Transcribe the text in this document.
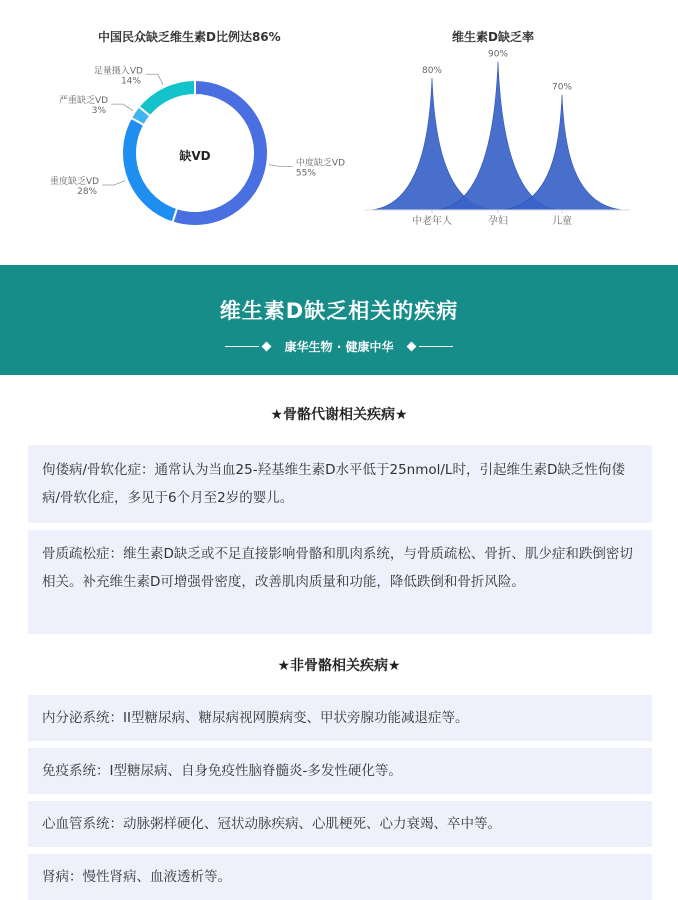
中国民众缺乏维生素D比例达86%
缺VD
中度缺乏VD
55%
重度缺乏VD
28%
严重缺乏VD
3%
足量摄入VD
14%
维生素D缺乏率
80%
中老年人
90%
孕妇
70%
儿童
维生素D缺乏相关的疾病
康华生物 · 健康中华
★骨骼代谢相关疾病★
佝偻病/骨软化症：通常认为当血25-羟基维生素D水平低于25nmol/L时，引起维生素D缺乏性佝偻病/骨软化症，多见于6个月至2岁的婴儿。
骨质疏松症：维生素D缺乏或不足直接影响骨骼和肌肉系统，与骨质疏松、骨折、肌少症和跌倒密切相关。补充维生素D可增强骨密度，改善肌肉质量和功能，降低跌倒和骨折风险。
★非骨骼相关疾病★
内分泌系统：II型糖尿病、糖尿病视网膜病变、甲状旁腺功能减退症等。
免疫系统：I型糖尿病、自身免疫性脑脊髓炎-多发性硬化等。
心血管系统：动脉粥样硬化、冠状动脉疾病、心肌梗死、心力衰竭、卒中等。
肾病：慢性肾病、血液透析等。
